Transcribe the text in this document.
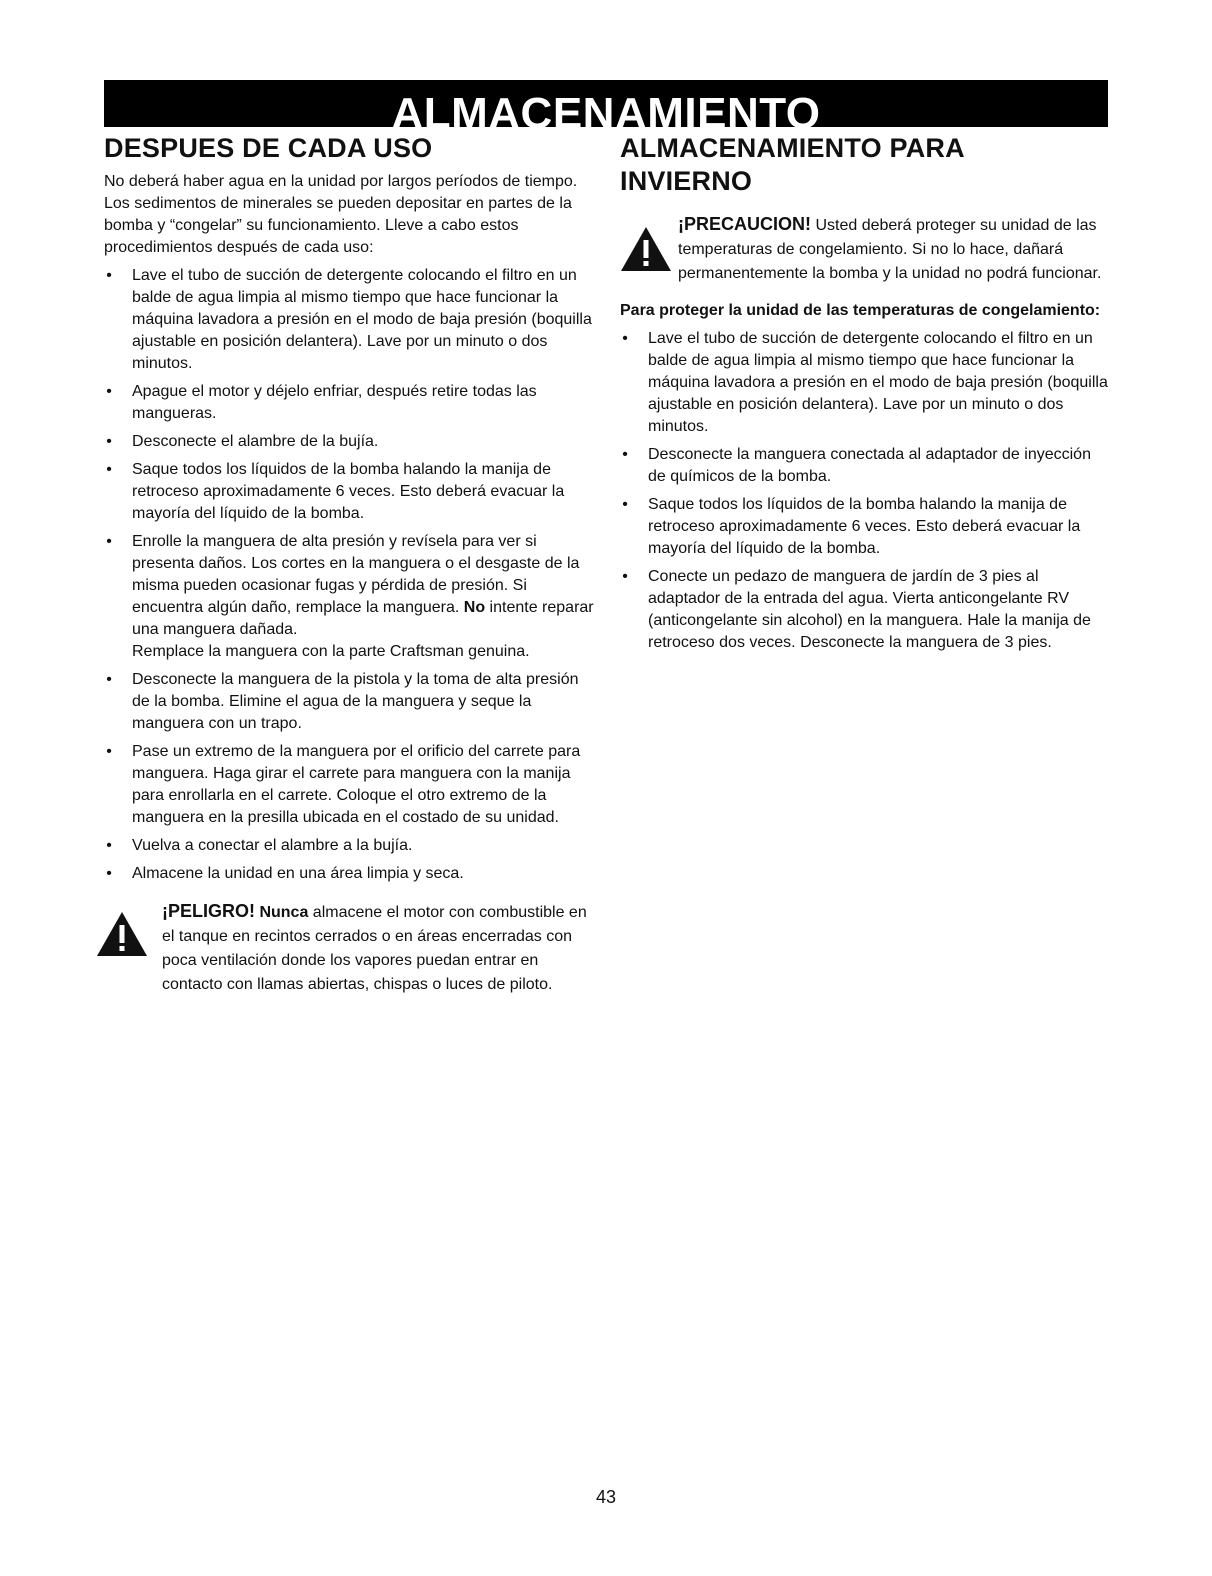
ALMACENAMIENTO
DESPUES DE CADA USO

No deberá haber agua en la unidad por largos períodos de tiempo. Los sedimentos de minerales se pueden depositar en partes de la bomba y “congelar” su funcionamiento. Lleve a cabo estos procedimientos después de cada uso:

• Lave el tubo de succión de detergente colocando el filtro en un balde de agua limpia al mismo tiempo que hace funcionar la máquina lavadora a presión en el modo de baja presión (boquilla ajustable en posición delantera). Lave por un minuto o dos minutos.
• Apague el motor y déjelo enfriar, después retire todas las mangueras.
• Desconecte el alambre de la bujía.
• Saque todos los líquidos de la bomba halando la manija de retroceso aproximadamente 6 veces. Esto deberá evacuar la mayoría del líquido de la bomba.
• Enrolle la manguera de alta presión y revísela para ver si presenta daños. Los cortes en la manguera o el desgaste de la misma pueden ocasionar fugas y pérdida de presión. Si encuentra algún daño, remplace la manguera. No intente reparar una manguera dañada.
Remplace la manguera con la parte Craftsman genuina.
• Desconecte la manguera de la pistola y la toma de alta presión de la bomba. Elimine el agua de la manguera y seque la manguera con un trapo.
• Pase un extremo de la manguera por el orificio del carrete para manguera. Haga girar el carrete para manguera con la manija para enrollarla en el carrete. Coloque el otro extremo de la manguera en la presilla ubicada en el costado de su unidad.
• Vuelva a conectar el alambre a la bujía.
• Almacene la unidad en una área limpia y seca.
¡PELIGRO! Nunca almacene el motor con combustible en el tanque en recintos cerrados o en áreas encerradas con poca ventilación donde los vapores puedan entrar en contacto con llamas abiertas, chispas o luces de piloto.
ALMACENAMIENTO PARA
INVIERNO
¡PRECAUCION! Usted deberá proteger su unidad de las temperaturas de congelamiento. Si no lo hace, dañará permanentemente la bomba y la unidad no podrá funcionar.

Para proteger la unidad de las temperaturas de congelamiento:

• Lave el tubo de succión de detergente colocando el filtro en un balde de agua limpia al mismo tiempo que hace funcionar la máquina lavadora a presión en el modo de baja presión (boquilla ajustable en posición delantera). Lave por un minuto o dos minutos.
• Desconecte la manguera conectada al adaptador de inyección de químicos de la bomba.
• Saque todos los líquidos de la bomba halando la manija de retroceso aproximadamente 6 veces. Esto deberá evacuar la mayoría del líquido de la bomba.
• Conecte un pedazo de manguera de jardín de 3 pies al adaptador de la entrada del agua. Vierta anticongelante RV (anticongelante sin alcohol) en la manguera. Hale la manija de retroceso dos veces. Desconecte la manguera de 3 pies.
43
